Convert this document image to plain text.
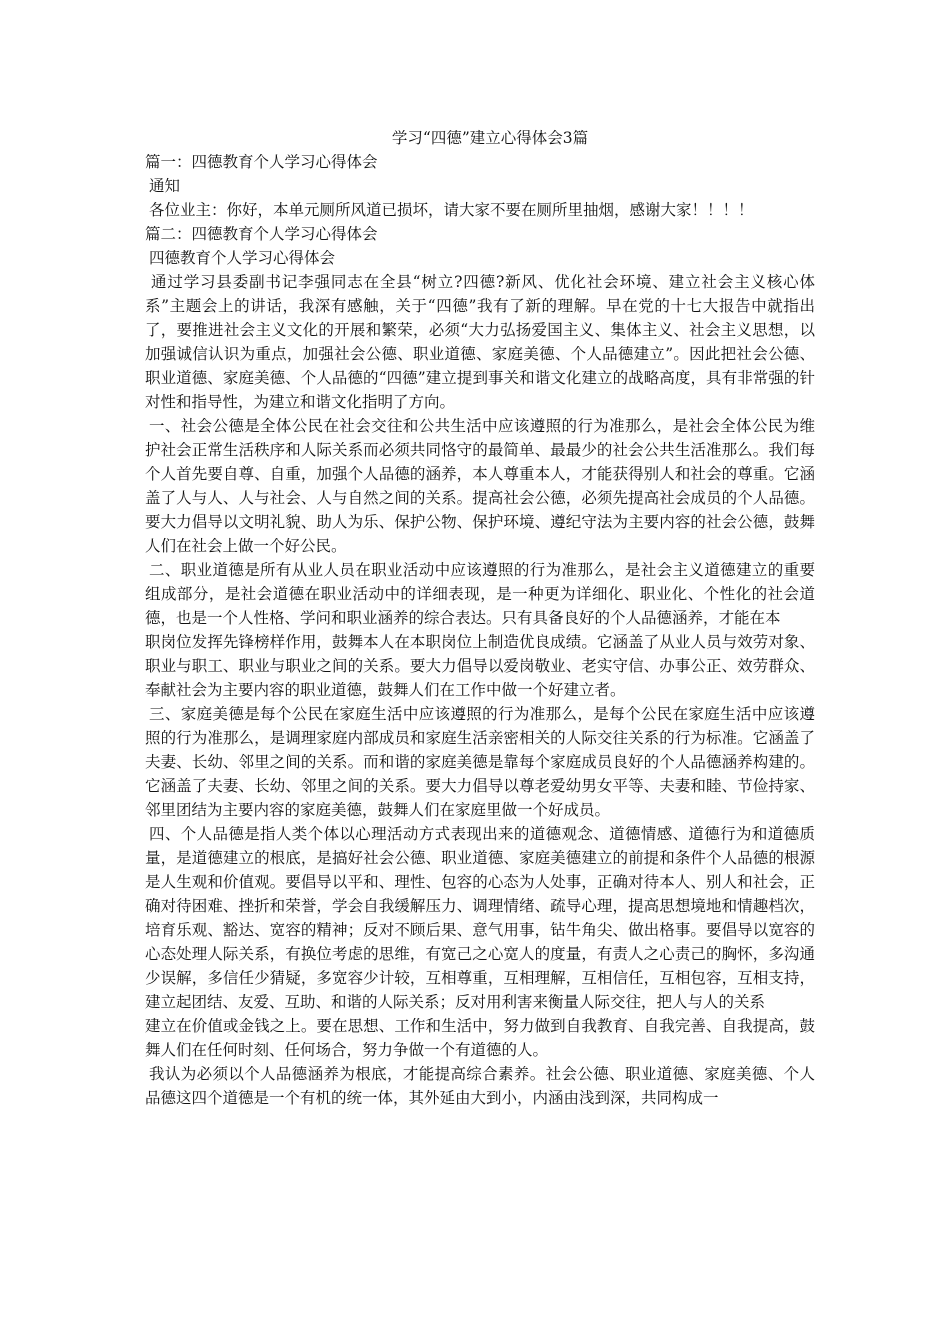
学习“四德”建立心得体会3篇

篇一：四德教育个人学习心得体会

通知

各位业主：你好，本单元厕所风道已损坏，请大家不要在厕所里抽烟，感谢大家！！！！

篇二：四德教育个人学习心得体会

四德教育个人学习心得体会

通过学习县委副书记李强同志在全县“树立?四德?新风、优化社会环境、建立社会主义核心体系”主题会上的讲话，我深有感触，关于“四德”我有了新的理解。早在党的十七大报告中就指出了，要推进社会主义文化的开展和繁荣，必须“大力弘扬爱国主义、集体主义、社会主义思想，以加强诚信认识为重点，加强社会公德、职业道德、家庭美德、个人品德建立”。因此把社会公德、职业道德、家庭美德、个人品德的“四德”建立提到事关和谐文化建立的战略高度，具有非常强的针对性和指导性，为建立和谐文化指明了方向。

一、社会公德是全体公民在社会交往和公共生活中应该遵照的行为准那么，是社会全体公民为维护社会正常生活秩序和人际关系而必须共同恪守的最简单、最最少的社会公共生活准那么。我们每个人首先要自尊、自重，加强个人品德的涵养，本人尊重本人，才能获得别人和社会的尊重。它涵盖了人与人、人与社会、人与自然之间的关系。提高社会公德，必须先提高社会成员的个人品德。要大力倡导以文明礼貌、助人为乐、保护公物、保护环境、遵纪守法为主要内容的社会公德，鼓舞人们在社会上做一个好公民。

二、职业道德是所有从业人员在职业活动中应该遵照的行为准那么，是社会主义道德建立的重要组成部分，是社会道德在职业活动中的详细表现，是一种更为详细化、职业化、个性化的社会道德，也是一个人性格、学问和职业涵养的综合表达。只有具备良好的个人品德涵养，才能在本

职岗位发挥先锋榜样作用，鼓舞本人在本职岗位上制造优良成绩。它涵盖了从业人员与效劳对象、职业与职工、职业与职业之间的关系。要大力倡导以爱岗敬业、老实守信、办事公正、效劳群众、奉献社会为主要内容的职业道德，鼓舞人们在工作中做一个好建立者。

三、家庭美德是每个公民在家庭生活中应该遵照的行为准那么，是每个公民在家庭生活中应该遵照的行为准那么，是调理家庭内部成员和家庭生活亲密相关的人际交往关系的行为标准。它涵盖了夫妻、长幼、邻里之间的关系。而和谐的家庭美德是靠每个家庭成员良好的个人品德涵养构建的。它涵盖了夫妻、长幼、邻里之间的关系。要大力倡导以尊老爱幼男女平等、夫妻和睦、节俭持家、邻里团结为主要内容的家庭美德，鼓舞人们在家庭里做一个好成员。

四、个人品德是指人类个体以心理活动方式表现出来的道德观念、道德情感、道德行为和道德质量，是道德建立的根底，是搞好社会公德、职业道德、家庭美德建立的前提和条件个人品德的根源是人生观和价值观。要倡导以平和、理性、包容的心态为人处事，正确对待本人、别人和社会，正确对待困难、挫折和荣誉，学会自我缓解压力、调理情绪、疏导心理，提高思想境地和情趣档次，培育乐观、豁达、宽容的精神；反对不顾后果、意气用事，钻牛角尖、做出格事。要倡导以宽容的心态处理人际关系，有换位考虑的思维，有宽己之心宽人的度量，有责人之心责己的胸怀，多沟通少误解，多信任少猜疑，多宽容少计较，互相尊重，互相理解，互相信任，互相包容，互相支持，建立起团结、友爱、互助、和谐的人际关系；反对用利害来衡量人际交往，把人与人的关系

建立在价值或金钱之上。要在思想、工作和生活中，努力做到自我教育、自我完善、自我提高，鼓舞人们在任何时刻、任何场合，努力争做一个有道德的人。

我认为必须以个人品德涵养为根底，才能提高综合素养。社会公德、职业道德、家庭美德、个人品德这四个道德是一个有机的统一体，其外延由大到小，内涵由浅到深，共同构成一
